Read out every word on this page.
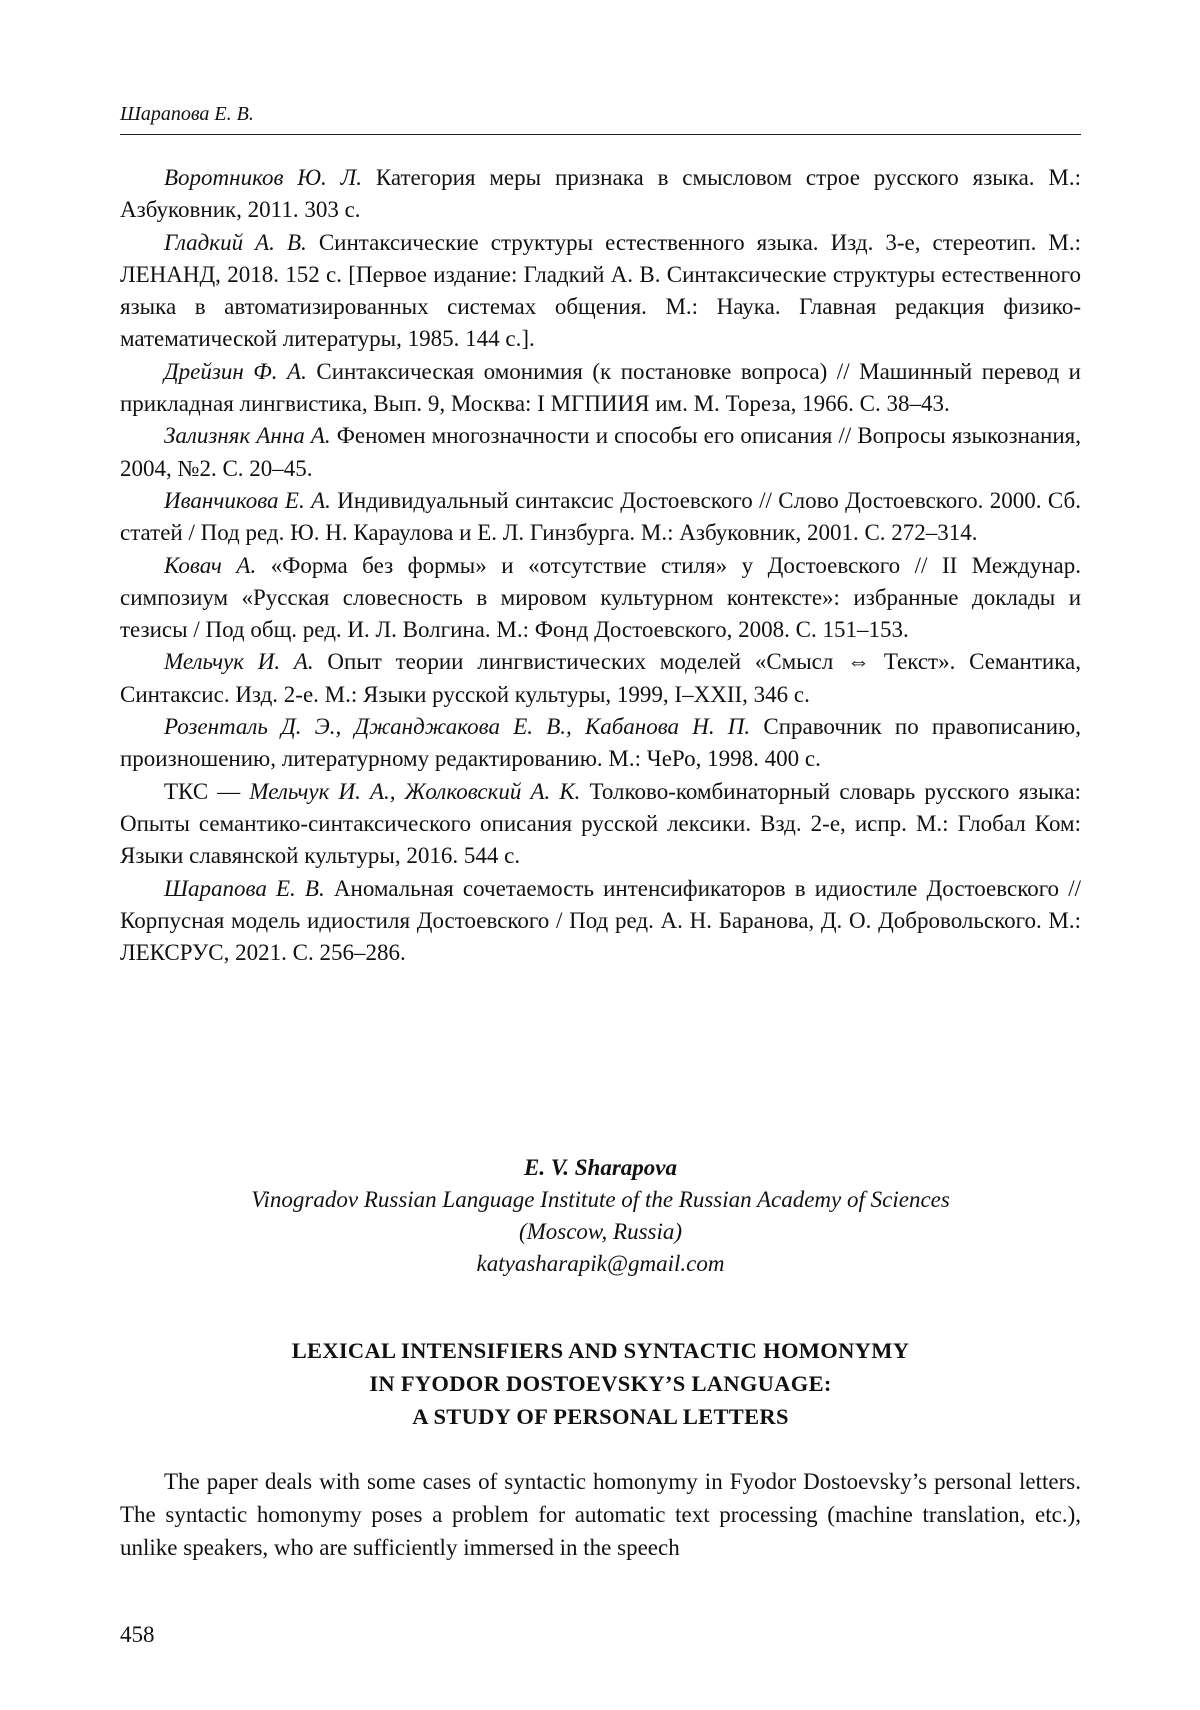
Шарапова Е. В.

Воротников Ю. Л. Категория меры признака в смысловом строе русского языка. М.: Азбуковник, 2011. 303 с.

Гладкий А. В. Синтаксические структуры естественного языка. Изд. 3-е, стереотип. М.: ЛЕНАНД, 2018. 152 с. [Первое издание: Гладкий А. В. Синтаксические структуры естественного языка в автоматизированных системах общения. М.: Наука. Главная редакция физико-математической литературы, 1985. 144 с.].

Дрейзин Ф. А. Синтаксическая омонимия (к постановке вопроса) // Машинный перевод и прикладная лингвистика, Вып. 9, Москва: I МГПИИЯ им. М. Тореза, 1966. С. 38–43.

Зализняк Анна А. Феномен многозначности и способы его описания // Вопросы языкознания, 2004, №2. С. 20–45.

Иванчикова Е. А. Индивидуальный синтаксис Достоевского // Слово Достоевского. 2000. Сб. статей / Под ред. Ю. Н. Караулова и Е. Л. Гинзбурга. М.: Азбуковник, 2001. С. 272–314.

Ковач А. «Форма без формы» и «отсутствие стиля» у Достоевского // II Междунар. симпозиум «Русская словесность в мировом культурном контексте»: избранные доклады и тезисы / Под общ. ред. И. Л. Волгина. М.: Фонд Достоевского, 2008. С. 151–153.

Мельчук И. А. Опыт теории лингвистических моделей «Смысл ⇔ Текст». Семантика, Синтаксис. Изд. 2-е. М.: Языки русской культуры, 1999, I–XXII, 346 с.

Розенталь Д. Э., Джанджакова Е. В., Кабанова Н. П. Справочник по правописанию, произношению, литературному редактированию. М.: ЧеРо, 1998. 400 с.

ТКС — Мельчук И. А., Жолковский А. К. Толково-комбинаторный словарь русского языка: Опыты семантико-синтаксического описания русской лексики. Взд. 2-е, испр. М.: Глобал Ком: Языки славянской культуры, 2016. 544 с.

Шарапова Е. В. Аномальная сочетаемость интенсификаторов в идиостиле Достоевского // Корпусная модель идиостиля Достоевского / Под ред. А. Н. Баранова, Д. О. Добровольского. М.: ЛЕКСРУС, 2021. С. 256–286.

E. V. Sharapova
Vinogradov Russian Language Institute of the Russian Academy of Sciences
(Moscow, Russia)
katyasharapik@gmail.com
LEXICAL INTENSIFIERS AND SYNTACTIC HOMONYMY
IN FYODOR DOSTOEVSKY’S LANGUAGE:
A STUDY OF PERSONAL LETTERS

The paper deals with some cases of syntactic homonymy in Fyodor Dostoevsky’s personal letters. The syntactic homonymy poses a problem for automatic text processing (machine translation, etc.), unlike speakers, who are sufficiently immersed in the speech

458
